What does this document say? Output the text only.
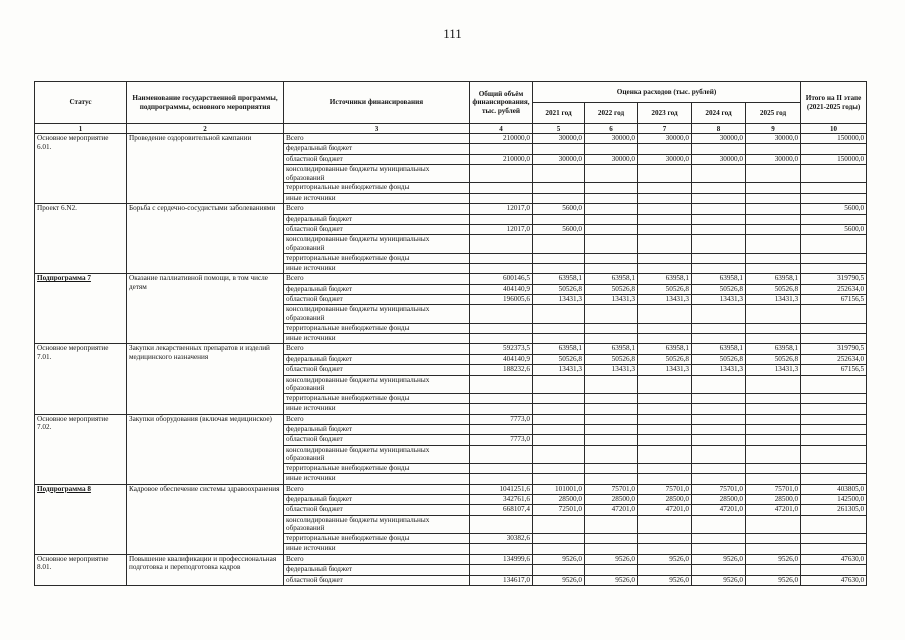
111
Статус	Наименование государственной программы, подпрограммы, основного мероприятия	Источники финансирования	Общий объём финансирования, тыс. рублей	Оценка расходов (тыс. рублей)					Итого на II этапе (2021-2025 годы)
				2021 год	2022 год	2023 год	2024 год	2025 год	
1	2	3	4	5	6	7	8	9	10
Основное мероприятие 6.01.	Проведение оздоровительной кампании	Всего	210000,0	30000,0	30000,0	30000,0	30000,0	30000,0	150000,0
		федеральный бюджет							
		областной бюджет	210000,0	30000,0	30000,0	30000,0	30000,0	30000,0	150000,0
		консолидированные бюджеты муниципальных образований							
		территориальные внебюджетные фонды							
		иные источники							
Проект 6.N2.	Борьба с сердечно-сосудистыми заболеваниями	Всего	12017,0	5600,0					5600,0
		федеральный бюджет							
		областной бюджет	12017,0	5600,0					5600,0
		консолидированные бюджеты муниципальных образований							
		территориальные внебюджетные фонды							
		иные источники							
Подпрограмма 7	Оказание паллиативной помощи, в том числе детям	Всего	600146,5	63958,1	63958,1	63958,1	63958,1	63958,1	319790,5
		федеральный бюджет	404140,9	50526,8	50526,8	50526,8	50526,8	50526,8	252634,0
		областной бюджет	196005,6	13431,3	13431,3	13431,3	13431,3	13431,3	67156,5
		консолидированные бюджеты муниципальных образований							
		территориальные внебюджетные фонды							
		иные источники							
Основное мероприятие 7.01.	Закупки лекарственных препаратов и изделий медицинского назначения	Всего	592373,5	63958,1	63958,1	63958,1	63958,1	63958,1	319790,5
		федеральный бюджет	404140,9	50526,8	50526,8	50526,8	50526,8	50526,8	252634,0
		областной бюджет	188232,6	13431,3	13431,3	13431,3	13431,3	13431,3	67156,5
		консолидированные бюджеты муниципальных образований							
		территориальные внебюджетные фонды							
		иные источники							
Основное мероприятие 7.02.	Закупки оборудования (включая медицинское)	Всего	7773,0						
		федеральный бюджет							
		областной бюджет	7773,0						
		консолидированные бюджеты муниципальных образований							
		территориальные внебюджетные фонды							
		иные источники							
Подпрограмма 8	Кадровое обеспечение системы здравоохранения	Всего	1041251,6	101001,0	75701,0	75701,0	75701,0	75701,0	403805,0
		федеральный бюджет	342761,6	28500,0	28500,0	28500,0	28500,0	28500,0	142500,0
		областной бюджет	668107,4	72501,0	47201,0	47201,0	47201,0	47201,0	261305,0
		консолидированные бюджеты муниципальных образований							
		территориальные внебюджетные фонды	30382,6						
		иные источники							
Основное мероприятие 8.01.	Повышение квалификации и профессиональная подготовка и переподготовка кадров	Всего	134999,6	9526,0	9526,0	9526,0	9526,0	9526,0	47630,0
		федеральный бюджет							
		областной бюджет	134617,0	9526,0	9526,0	9526,0	9526,0	9526,0	47630,0
